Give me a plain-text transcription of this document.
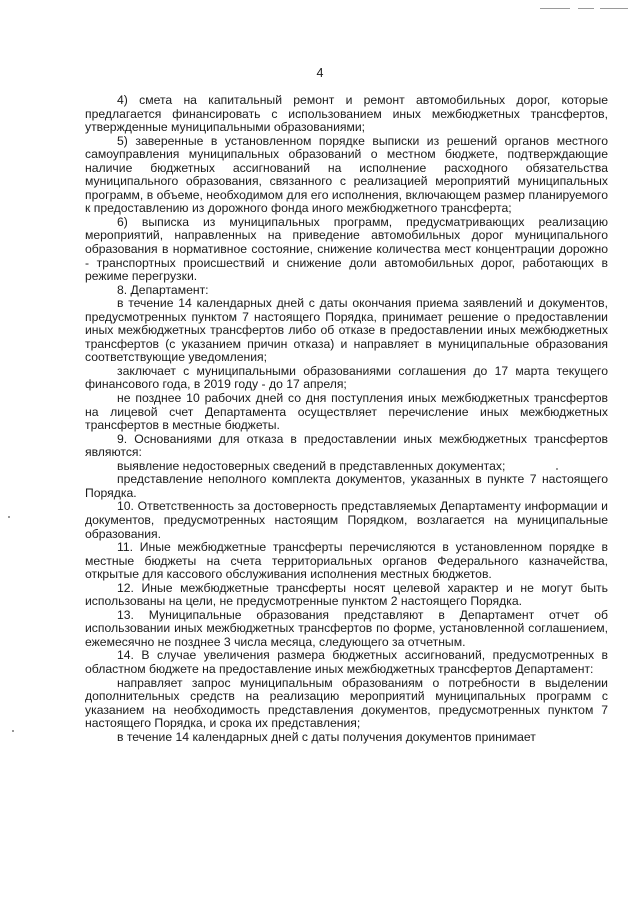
4

4) смета на капитальный ремонт и ремонт автомобильных дорог, которые предлагается финансировать с использованием иных межбюджетных трансфертов, утвержденные муниципальными образованиями;

5) заверенные в установленном порядке выписки из решений органов местного самоуправления муниципальных образований о местном бюджете, подтверждающие наличие бюджетных ассигнований на исполнение расходного обязательства муниципального образования, связанного с реализацией мероприятий муниципальных программ, в объеме, необходимом для его исполнения, включающем размер планируемого к предоставлению из дорожного фонда иного межбюджетного трансферта;

6) выписка из муниципальных программ, предусматривающих реализацию мероприятий, направленных на приведение автомобильных дорог муниципального образования в нормативное состояние, снижение количества мест концентрации дорожно - транспортных происшествий и снижение доли автомобильных дорог, работающих в режиме перегрузки.

8. Департамент:

в течение 14 календарных дней с даты окончания приема заявлений и документов, предусмотренных пунктом 7 настоящего Порядка, принимает решение о предоставлении иных межбюджетных трансфертов либо об отказе в предоставлении иных межбюджетных трансфертов (с указанием причин отказа) и направляет в муниципальные образования соответствующие уведомления;

заключает с муниципальными образованиями соглашения до 17 марта текущего финансового года, в 2019 году - до 17 апреля;

не позднее 10 рабочих дней со дня поступления иных межбюджетных трансфертов на лицевой счет Департамента осуществляет перечисление иных межбюджетных трансфертов в местные бюджеты.

9. Основаниями для отказа в предоставлении иных межбюджетных трансфертов являются:

выявление недостоверных сведений в представленных документах;

представление неполного комплекта документов, указанных в пункте 7 настоящего Порядка.

10. Ответственность за достоверность представляемых Департаменту информации и документов, предусмотренных настоящим Порядком, возлагается на муниципальные образования.

11. Иные межбюджетные трансферты перечисляются в установленном порядке в местные бюджеты на счета территориальных органов Федерального казначейства, открытые для кассового обслуживания исполнения местных бюджетов.

12. Иные межбюджетные трансферты носят целевой характер и не могут быть использованы на цели, не предусмотренные пунктом 2 настоящего Порядка.

13. Муниципальные образования представляют в Департамент отчет об использовании иных межбюджетных трансфертов по форме, установленной соглашением, ежемесячно не позднее 3 числа месяца, следующего за отчетным.

14. В случае увеличения размера бюджетных ассигнований, предусмотренных в областном бюджете на предоставление иных межбюджетных трансфертов Департамент:

направляет запрос муниципальным образованиям о потребности в выделении дополнительных средств на реализацию мероприятий муниципальных программ с указанием на необходимость представления документов, предусмотренных пунктом 7 настоящего Порядка, и срока их представления;

в течение 14 календарных дней с даты получения документов принимает
